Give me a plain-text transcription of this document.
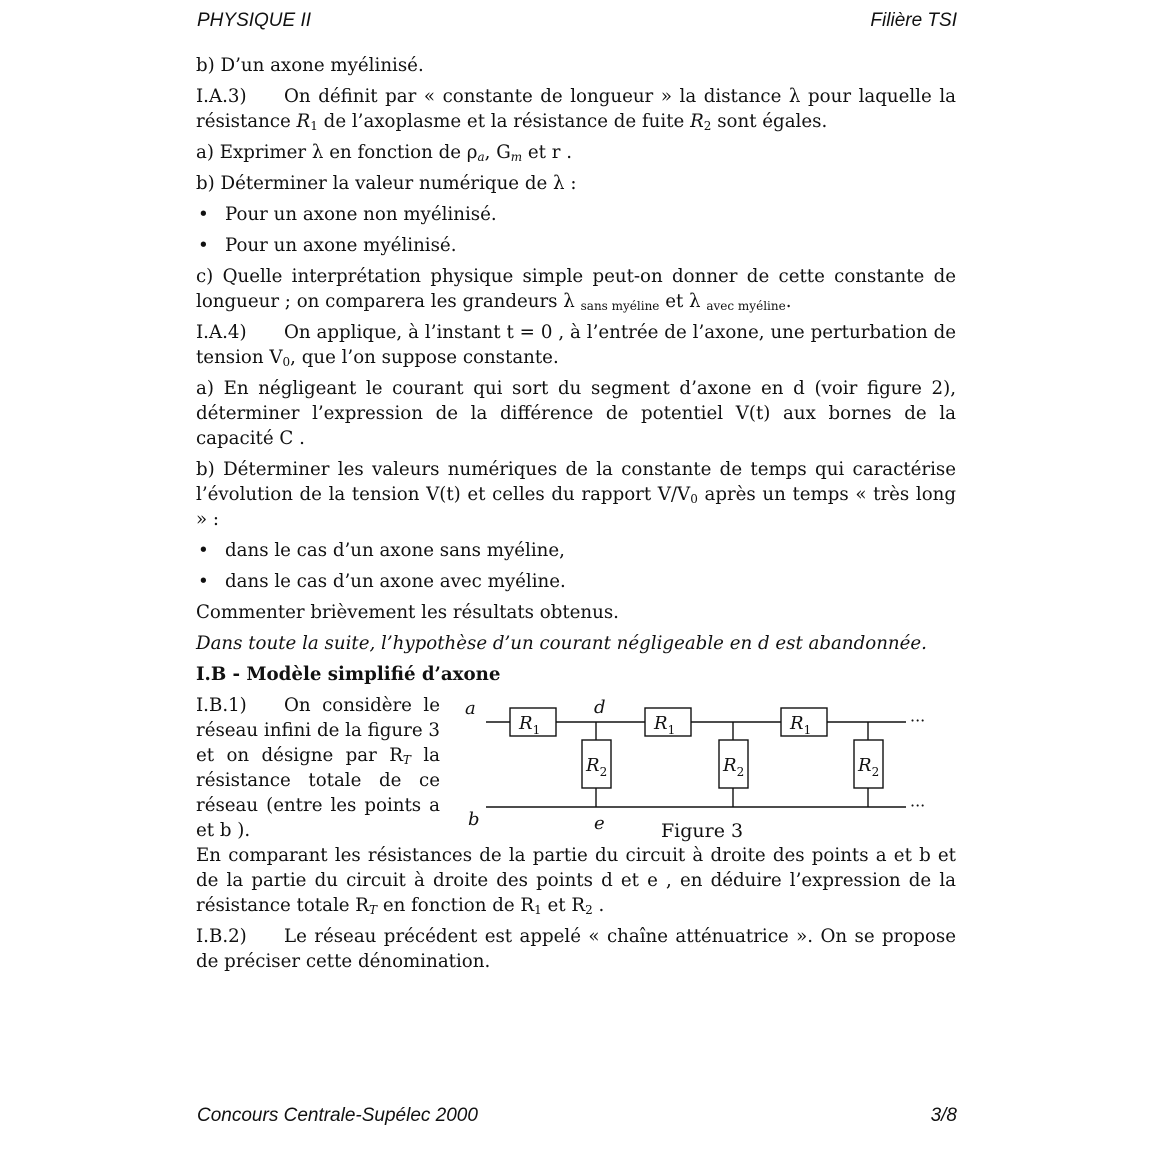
PHYSIQUE II	Filière TSI

b) D’un axone myélinisé.

I.A.3) On définit par « constante de longueur » la distance λ pour laquelle la résistance $R_1$ de l’axoplasme et la résistance de fuite $R_2$ sont égales.

a) Exprimer λ en fonction de $\rho_a$, $G_m$ et r .

b) Déterminer la valeur numérique de λ :

• Pour un axone non myélinisé.
• Pour un axone myélinisé.

c) Quelle interprétation physique simple peut-on donner de cette constante de longueur ; on comparera les grandeurs λ $_{sans myéline}$ et λ $_{avec myéline}$.

I.A.4) On applique, à l’instant t = 0 , à l’entrée de l’axone, une perturbation de tension $V_0$, que l’on suppose constante.

a) En négligeant le courant qui sort du segment d’axone en d (voir figure 2), déterminer l’expression de la différence de potentiel V(t) aux bornes de la capacité C .

b) Déterminer les valeurs numériques de la constante de temps qui caractérise l’évolution de la tension V(t) et celles du rapport $V/V_0$ après un temps « très long » :

• dans le cas d’un axone sans myéline,
• dans le cas d’un axone avec myéline.

Commenter brièvement les résultats obtenus.

Dans toute la suite, l’hypothèse d’un courant négligeable en d est abandonnée.

I.B - Modèle simplifié d’axone

I.B.1) On considère le réseau infini de la figure 3 et on désigne par $R_T$ la résistance totale de ce réseau (entre les points a et b ).
$R_1$	$R_1$	$R_1$
$R_2$	$R_2$	$R_2$
a
b
d
e
···
···
Figure 3

En comparant les résistances de la partie du circuit à droite des points a et b et de la partie du circuit à droite des points d et e , en déduire l’expression de la résistance totale $R_T$ en fonction de $R_1$ et $R_2$ .

I.B.2) Le réseau précédent est appelé « chaîne atténuatrice ». On se propose de préciser cette dénomination.

Concours Centrale-Supélec 2000	3/8
